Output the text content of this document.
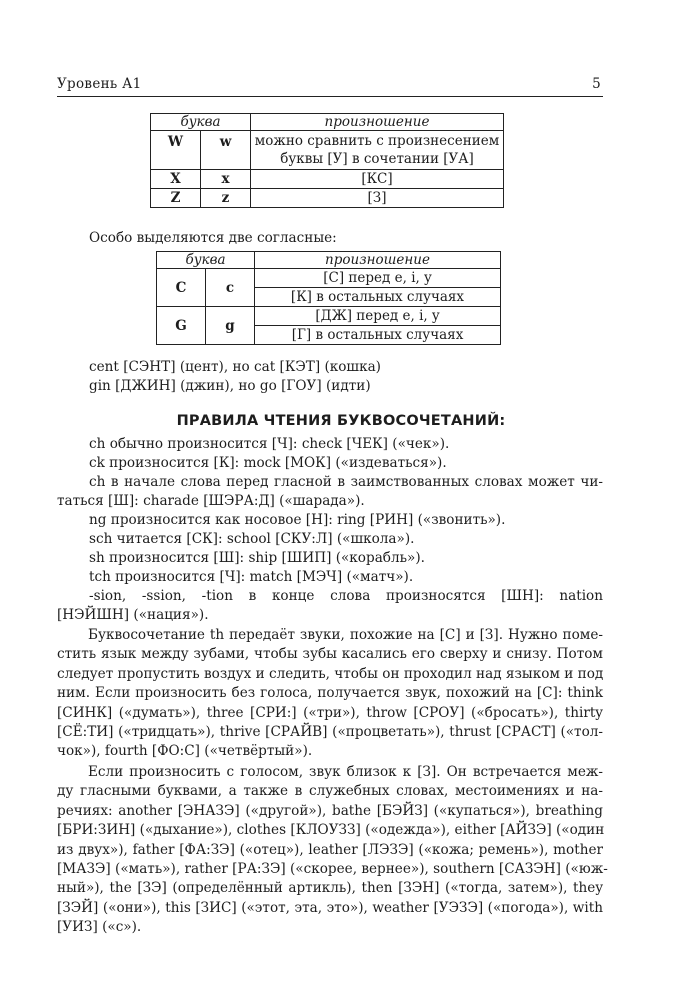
Уровень А1	5
буква		произношение
W	w	можно сравнить с произнесением
буквы [У] в сочетании [УА]

X	x	[КС]
Z	z	[З]
Особо выделяются две согласные:
буква		произношение
C	c	[С] перед e, i, y
		[К] в остальных случаях
G	g	[ДЖ] перед e, i, y
		[Г] в остальных случаях
cent [СЭНТ] (цент), но cat [КЭТ] (кошка)
gin [ДЖИН] (джин), но go [ГОУ] (идти)
ПРАВИЛА ЧТЕНИЯ БУКВОСОЧЕТАНИЙ:
ch обычно произносится [Ч]: check [ЧЕК] («чек»).
ck произносится [К]: mock [МОК] («издеваться»).
ch в начале слова перед гласной в заимствованных словах может чи-
таться [Ш]: charade [ШЭРА:Д] («шарада»).
ng произносится как носовое [Н]: ring [РИН] («звонить»).
sch читается [СК]: school [СКУ:Л] («школа»).
sh произносится [Ш]: ship [ШИП] («корабль»).
tch произносится [Ч]: match [МЭЧ] («матч»).
-sion, -ssion, -tion в конце слова произносятся [ШН]: nation
[НЭЙШН] («нация»).
Буквосочетание th передаёт звуки, похожие на [С] и [З]. Нужно поме-
стить язык между зубами, чтобы зубы касались его сверху и снизу. Потом
следует пропустить воздух и следить, чтобы он проходил над языком и под
ним. Если произносить без голоса, получается звук, похожий на [С]: think
[СИНК] («думать»), three [СРИ:] («три»), throw [СРОУ] («бросать»), thirty
[СЁ:ТИ] («тридцать»), thrive [СРАЙВ] («процветать»), thrust [СРАСТ] («тол-
чок»), fourth [ФО:С] («четвёртый»).
Если произносить с голосом, звук близок к [З]. Он встречается меж-
ду гласными буквами, а также в служебных словах, местоимениях и на-
речиях: another [ЭНАЗЭ] («другой»), bathe [БЭЙЗ] («купаться»), breathing
[БРИ:ЗИН] («дыхание»), clothes [КЛОУЗЗ] («одежда»), either [АЙЗЭ] («один
из двух»), father [ФА:ЗЭ] («отец»), leather [ЛЭЗЭ] («кожа; ремень»), mother
[МАЗЭ] («мать»), rather [РА:ЗЭ] («скорее, вернее»), southern [САЗЭН] («юж-
ный»), the [ЗЭ] (определённый артикль), then [ЗЭН] («тогда, затем»), they
[ЗЭЙ] («они»), this [ЗИС] («этот, эта, это»), weather [УЭЗЭ] («погода»), with
[УИЗ] («с»).
